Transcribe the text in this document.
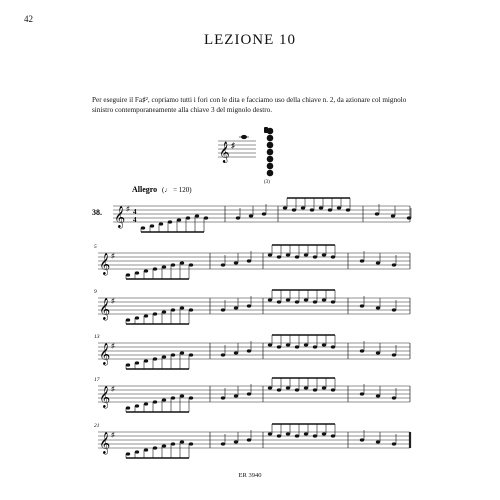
42
LEZIONE 10
Per eseguire il Fa♯², copriamo tutti i fori con le dita e facciamo uso della chiave n. 2, da azionare col mignolo sinistro contemporaneamente alla chiave 3 del mignolo destro.
ER 3940
𝄞 ♯
(3)
38.
Allegro (♩ = 120)
𝄞 ♯ 4
4
𝄞 ♯
5
𝄞 ♯
9
𝄞 ♯
13
𝄞 ♯
17
𝄞 ♯
21
